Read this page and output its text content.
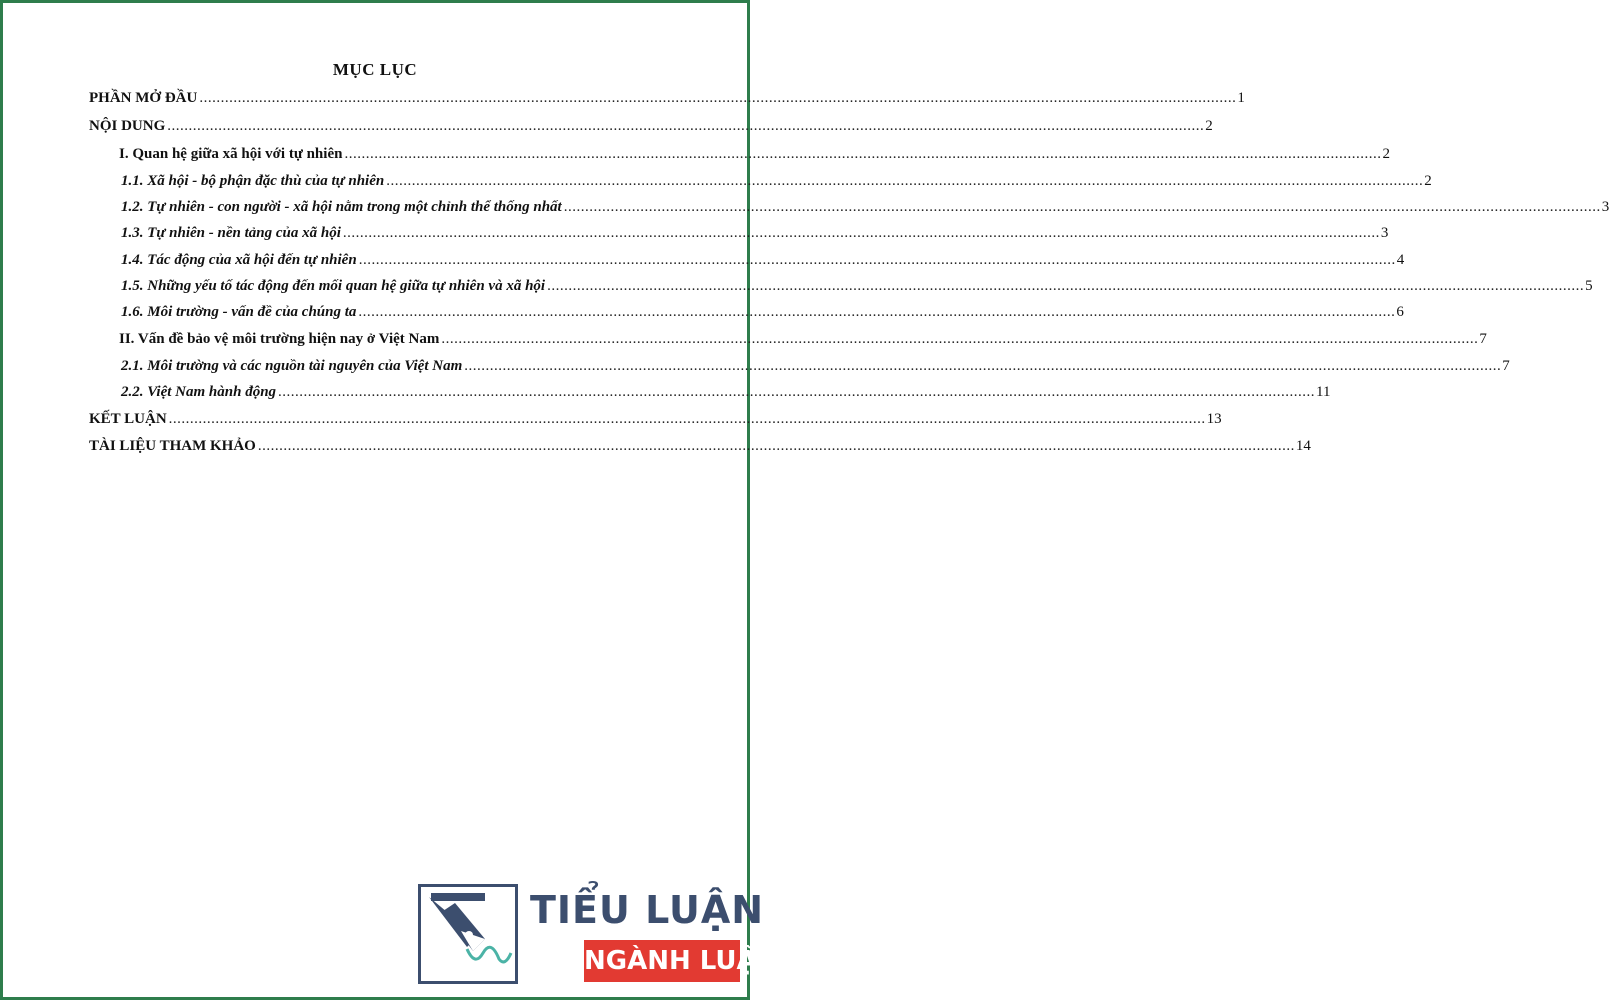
MỤC LỤC
PHẦN MỞ ĐẦU .....	1
NỘI DUNG .....	2
I. Quan hệ giữa xã hội với tự nhiên .....	2
1.1. Xã hội - bộ phận đặc thù của tự nhiên .....	2
1.2. Tự nhiên - con người - xã hội nằm trong một chỉnh thể thống nhất .....	3
1.3. Tự nhiên - nền tảng của xã hội .....	3
1.4. Tác động của xã hội đến tự nhiên .....	4
1.5. Những yếu tố tác động đến mối quan hệ giữa tự nhiên và xã hội .....	5
1.6. Môi trường - vấn đề của chúng ta .....	6
II. Vấn đề bảo vệ môi trường hiện nay ở Việt Nam .....	7
2.1. Môi trường và các nguồn tài nguyên của Việt Nam .....	7
2.2. Việt Nam hành động .....	11
KẾT LUẬN .....	13
TÀI LIỆU THAM KHẢO .....	14
TIỂU LUẬN
NGÀNH LUẬT
